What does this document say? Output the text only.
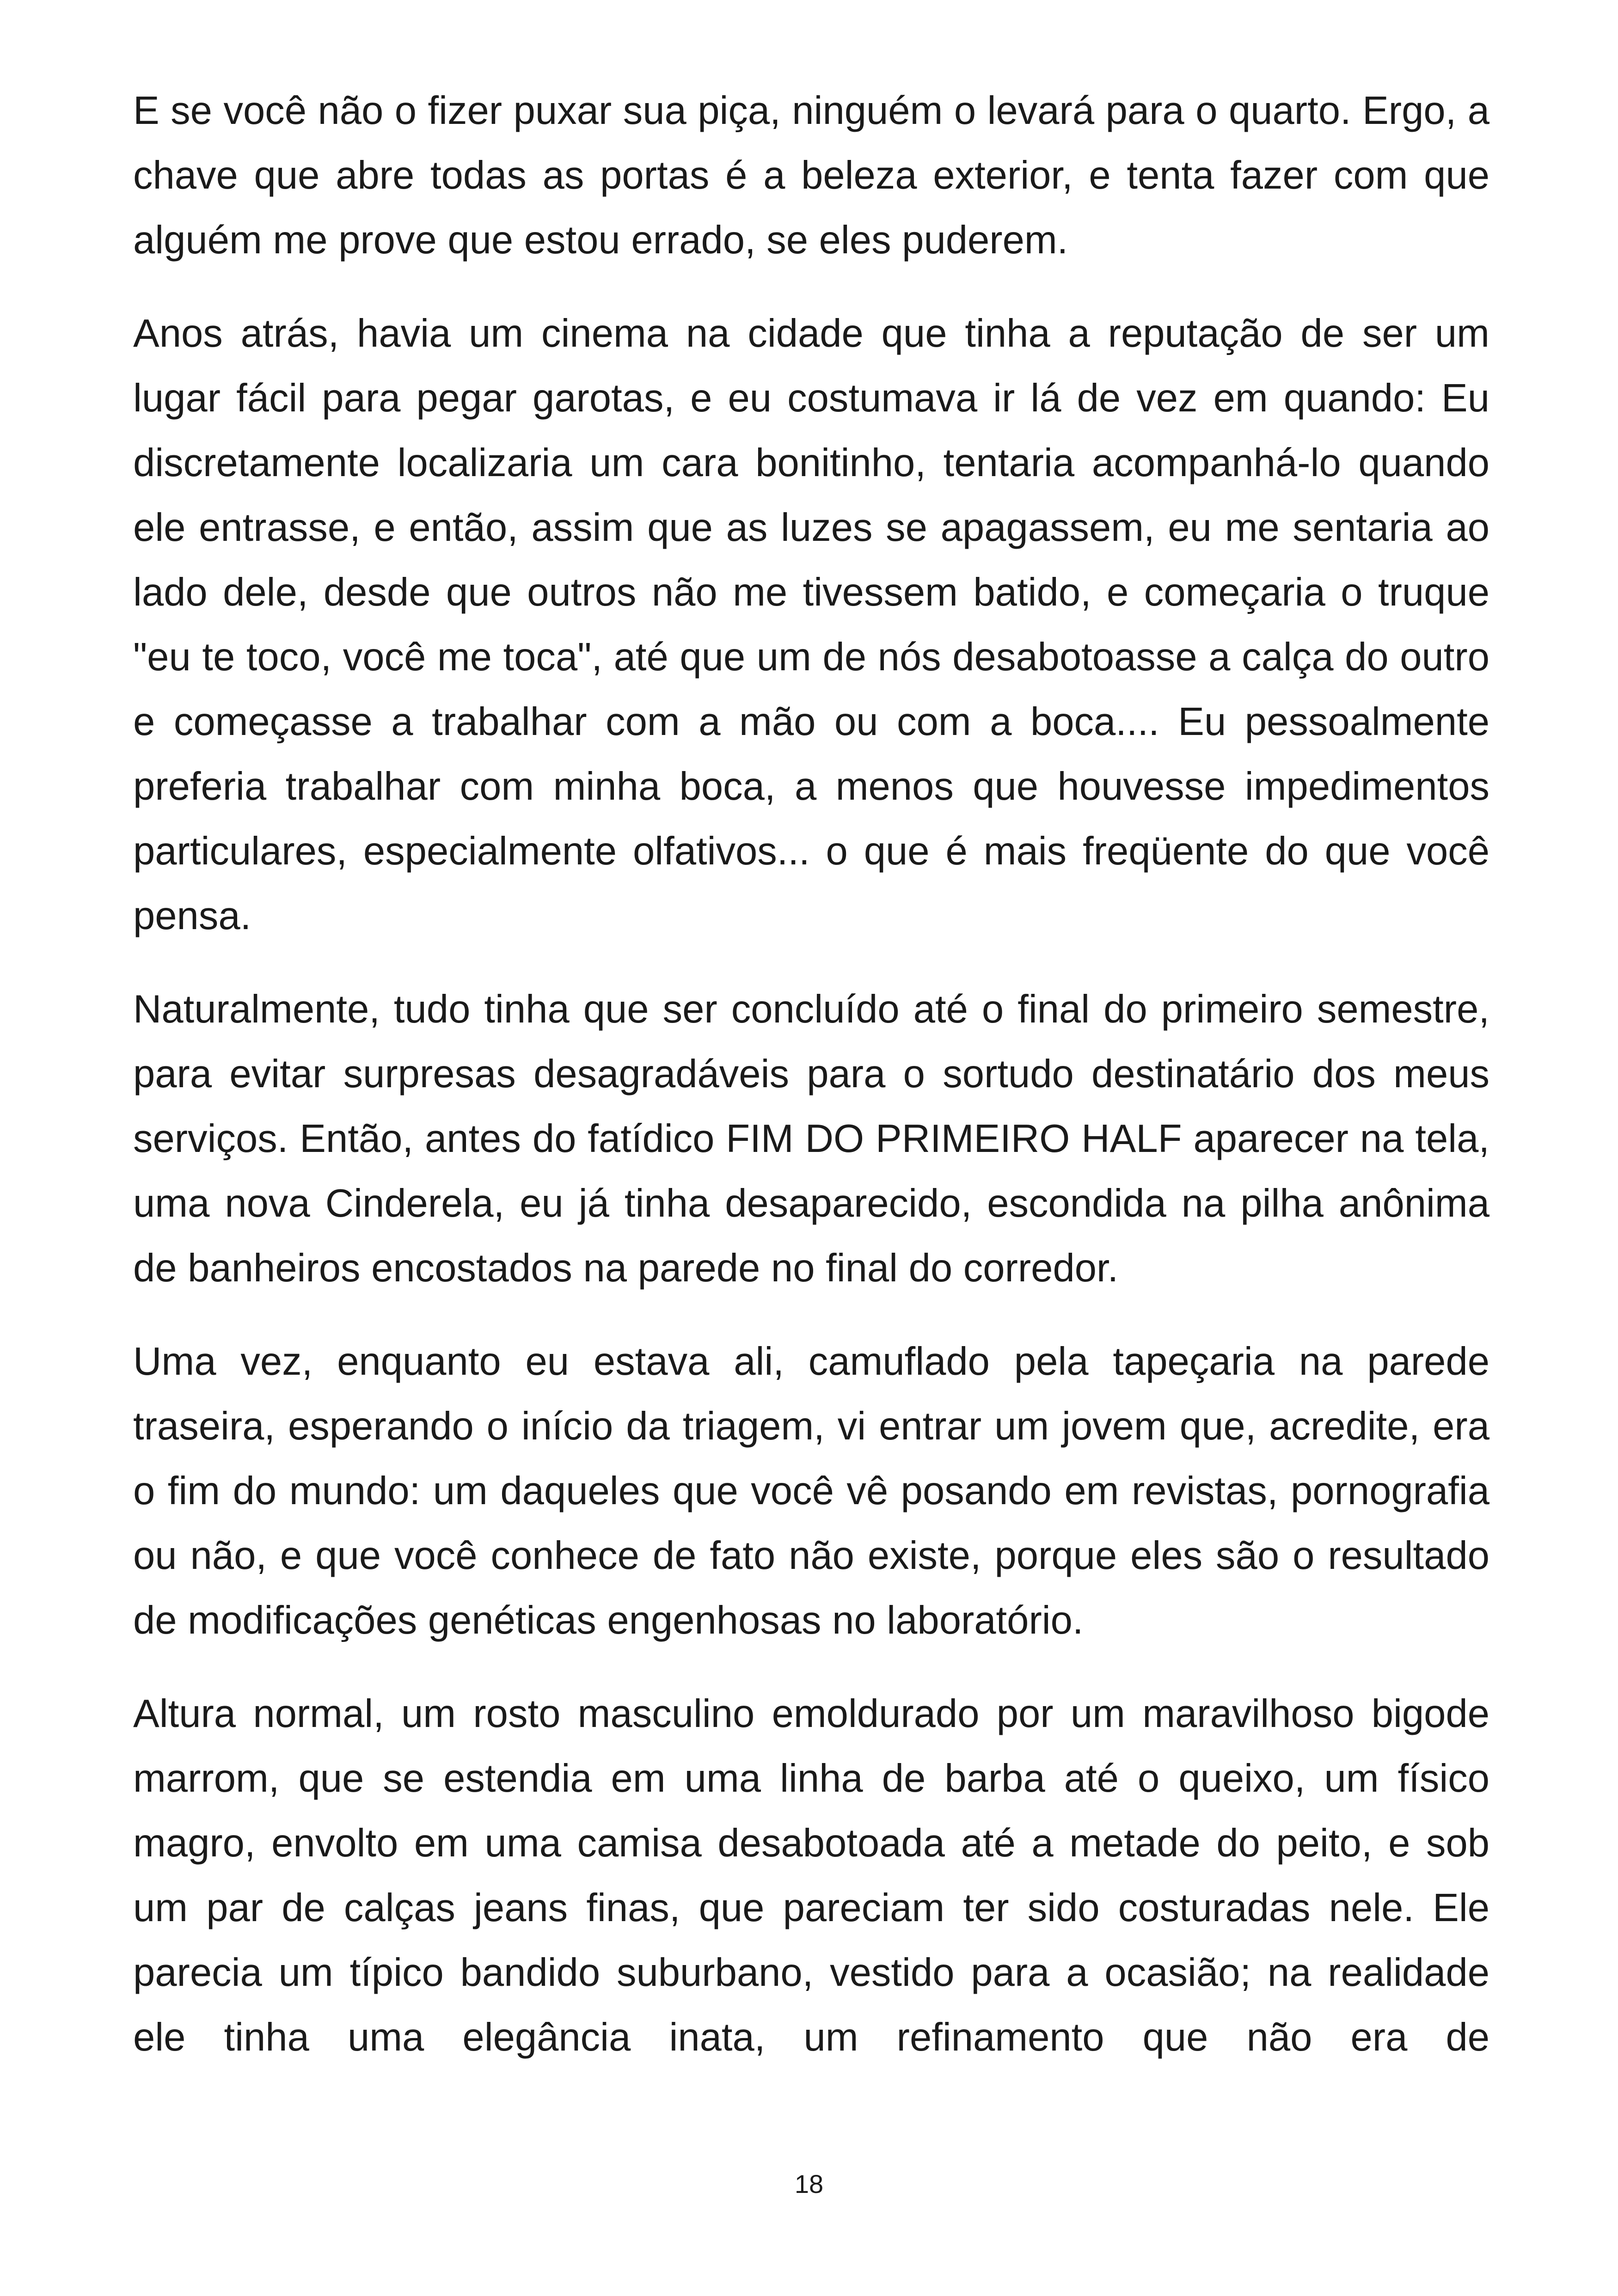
E se você não o fizer puxar sua piça, ninguém o levará para o quarto. Ergo, a chave que abre todas as portas é a beleza exterior, e tenta fazer com que alguém me prove que estou errado, se eles puderem.

Anos atrás, havia um cinema na cidade que tinha a reputação de ser um lugar fácil para pegar garotas, e eu costumava ir lá de vez em quando: Eu discretamente localizaria um cara bonitinho, tentaria acompanhá-lo quando ele entrasse, e então, assim que as luzes se apagassem, eu me sentaria ao lado dele, desde que outros não me tivessem batido, e começaria o truque "eu te toco, você me toca", até que um de nós desabotoasse a calça do outro e começasse a trabalhar com a mão ou com a boca.... Eu pessoalmente preferia trabalhar com minha boca, a menos que houvesse impedimentos particulares, especialmente olfativos... o que é mais freqüente do que você pensa.

Naturalmente, tudo tinha que ser concluído até o final do primeiro semestre, para evitar surpresas desagradáveis para o sortudo destinatário dos meus serviços. Então, antes do fatídico FIM DO PRIMEIRO HALF aparecer na tela, uma nova Cinderela, eu já tinha desaparecido, escondida na pilha anônima de banheiros encostados na parede no final do corredor.

Uma vez, enquanto eu estava ali, camuflado pela tapeçaria na parede traseira, esperando o início da triagem, vi entrar um jovem que, acredite, era o fim do mundo: um daqueles que você vê posando em revistas, pornografia ou não, e que você conhece de fato não existe, porque eles são o resultado de modificações genéticas engenhosas no laboratório.

Altura normal, um rosto masculino emoldurado por um maravilhoso bigode marrom, que se estendia em uma linha de barba até o queixo, um físico magro, envolto em uma camisa desabotoada até a metade do peito, e sob um par de calças jeans finas, que pareciam ter sido costuradas nele. Ele parecia um típico bandido suburbano, vestido para a ocasião; na realidade ele tinha uma elegância inata, um refinamento que não era de

18
